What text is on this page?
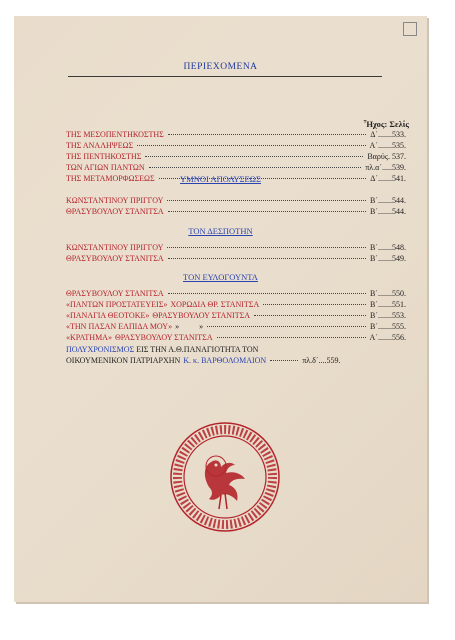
ΠΕΡΙΕΧΟΜΕΝΑ
Ἦχος: Σελίς
ΤΗΣ ΜΕΣΟΠΕΝΤΗΚΟΣΤΗΣ	Δ΄.......533.
ΤΗΣ ΑΝΑΛΗΨΕΩΣ	Α΄.......535.
ΤΗΣ ΠΕΝΤΗΚΟΣΤΗΣ	Βαρύς. 537.
ΤΩΝ ΑΓΙΩΝ ΠΑΝΤΩΝ	πλ.α΄.....539.
ΤΗΣ ΜΕΤΑΜΟΡΦΩΣΕΩΣ	Δ΄.......541.
ΥΜΝΟΙ ΑΠΟΛΥΣΕΩΣ
ΚΩΝΣΤΑΝΤΙΝΟΥ ΠΡΙΓΓΟΥ	Β΄.......544.
ΘΡΑΣΥΒΟΥΛΟΥ ΣΤΑΝΙΤΣΑ	Β΄.......544.
ΤΟΝ ΔΕΣΠΟΤΗΝ
ΚΩΝΣΤΑΝΤΙΝΟΥ ΠΡΙΓΓΟΥ	Β΄.......548.
ΘΡΑΣΥΒΟΥΛΟΥ ΣΤΑΝΙΤΣΑ	Β΄.......549.
ΤΟΝ ΕΥΛΟΓΟΥΝΤΑ
ΘΡΑΣΥΒΟΥΛΟΥ ΣΤΑΝΙΤΣΑ	Β΄.......550.
«ΠΑΝΤΩΝ ΠΡΟΣΤΑΤΕΥΕΙΣ» ΧΟΡΩΔΙΑ ΘΡ. ΣΤΑΝΙΤΣΑ	Β΄.......551.
«ΠΑΝΑΓΙΑ ΘΕΟΤΟΚΕ» ΘΡΑΣΥΒΟΥΛΟΥ ΣΤΑΝΙΤΣΑ	Β΄.......553.
«ΤΗΝ ΠΑΣΑΝ ΕΛΠΙΔΑ ΜΟΥ» »          »	Β΄.......555.
«ΚΡΑΤΗΜΑ» ΘΡΑΣΥΒΟΥΛΟΥ ΣΤΑΝΙΤΣΑ	Α΄.......556.
ΠΟΛΥΧΡΟΝΙΣΜΟΣ ΕΙΣ ΤΗΝ Α.Θ.ΠΑΝΑΓΙΟΤΗΤΑ ΤΟΝ
ΟΙΚΟΥΜΕΝΙΚΟΝ ΠΑΤΡΙΑΡΧΗΝ Κ. κ. ΒΑΡΘΟΛΟΜΑΙΟΝ	πλ.δ΄....559.
